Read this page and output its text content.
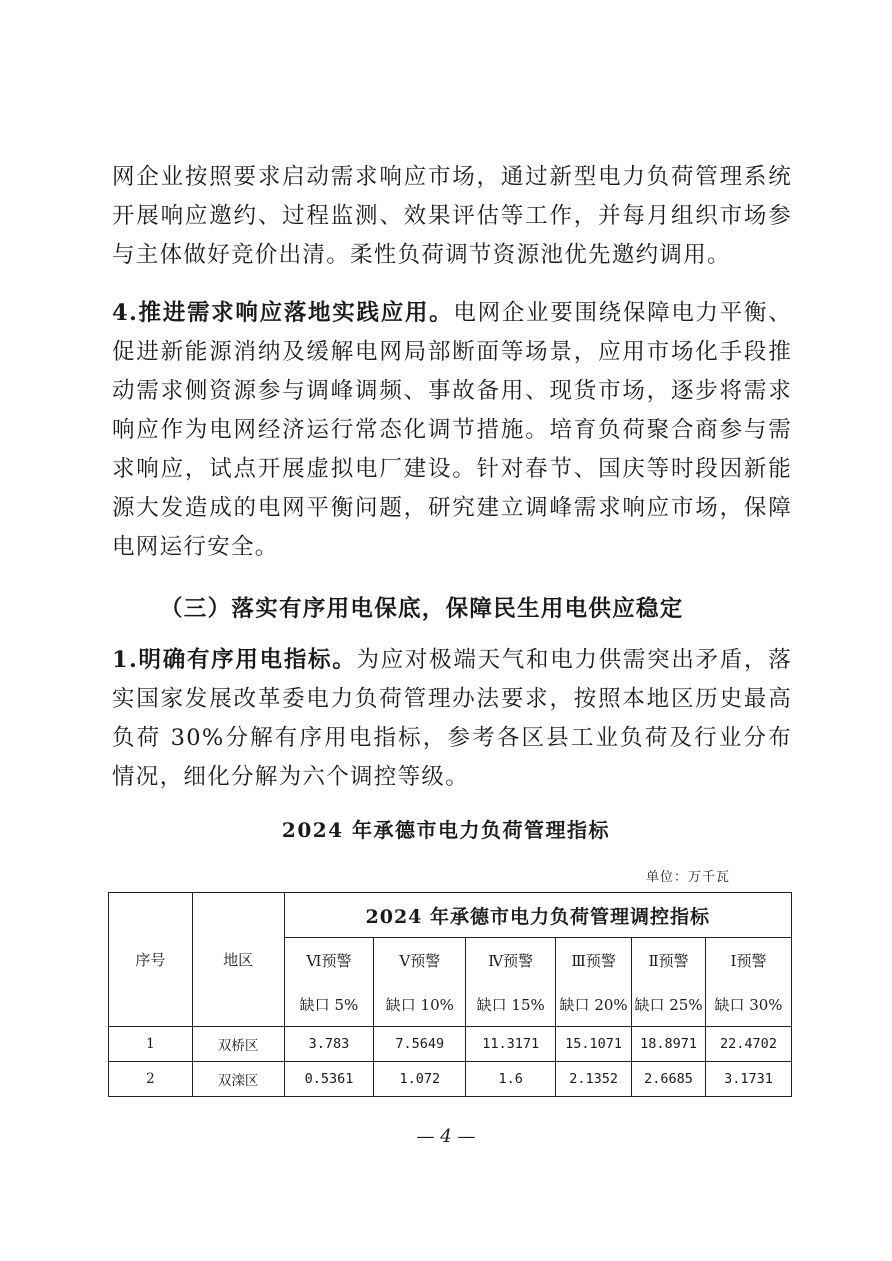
网企业按照要求启动需求响应市场，通过新型电力负荷管理系统开展响应邀约、过程监测、效果评估等工作，并每月组织市场参与主体做好竞价出清。柔性负荷调节资源池优先邀约调用。

4.推进需求响应落地实践应用。电网企业要围绕保障电力平衡、促进新能源消纳及缓解电网局部断面等场景，应用市场化手段推动需求侧资源参与调峰调频、事故备用、现货市场，逐步将需求响应作为电网经济运行常态化调节措施。培育负荷聚合商参与需求响应，试点开展虚拟电厂建设。针对春节、国庆等时段因新能源大发造成的电网平衡问题，研究建立调峰需求响应市场，保障电网运行安全。

（三）落实有序用电保底，保障民生用电供应稳定

1.明确有序用电指标。为应对极端天气和电力供需突出矛盾，落实国家发展改革委电力负荷管理办法要求，按照本地区历史最高负荷 30%分解有序用电指标，参考各区县工业负荷及行业分布情况，细化分解为六个调控等级。

2024 年承德市电力负荷管理指标
单位：万千瓦
序号	地区	2024 年承德市电力负荷管理调控指标					
		Ⅵ预警	Ⅴ预警	Ⅳ预警	Ⅲ预警	Ⅱ预警	Ⅰ预警
		缺口 5%	缺口 10%	缺口 15%	缺口 20%	缺口 25%	缺口 30%
1	双桥区	3.783	7.5649	11.3171	15.1071	18.8971	22.4702
2	双滦区	0.5361	1.072	1.6	2.1352	2.6685	3.1731
— 4 —
